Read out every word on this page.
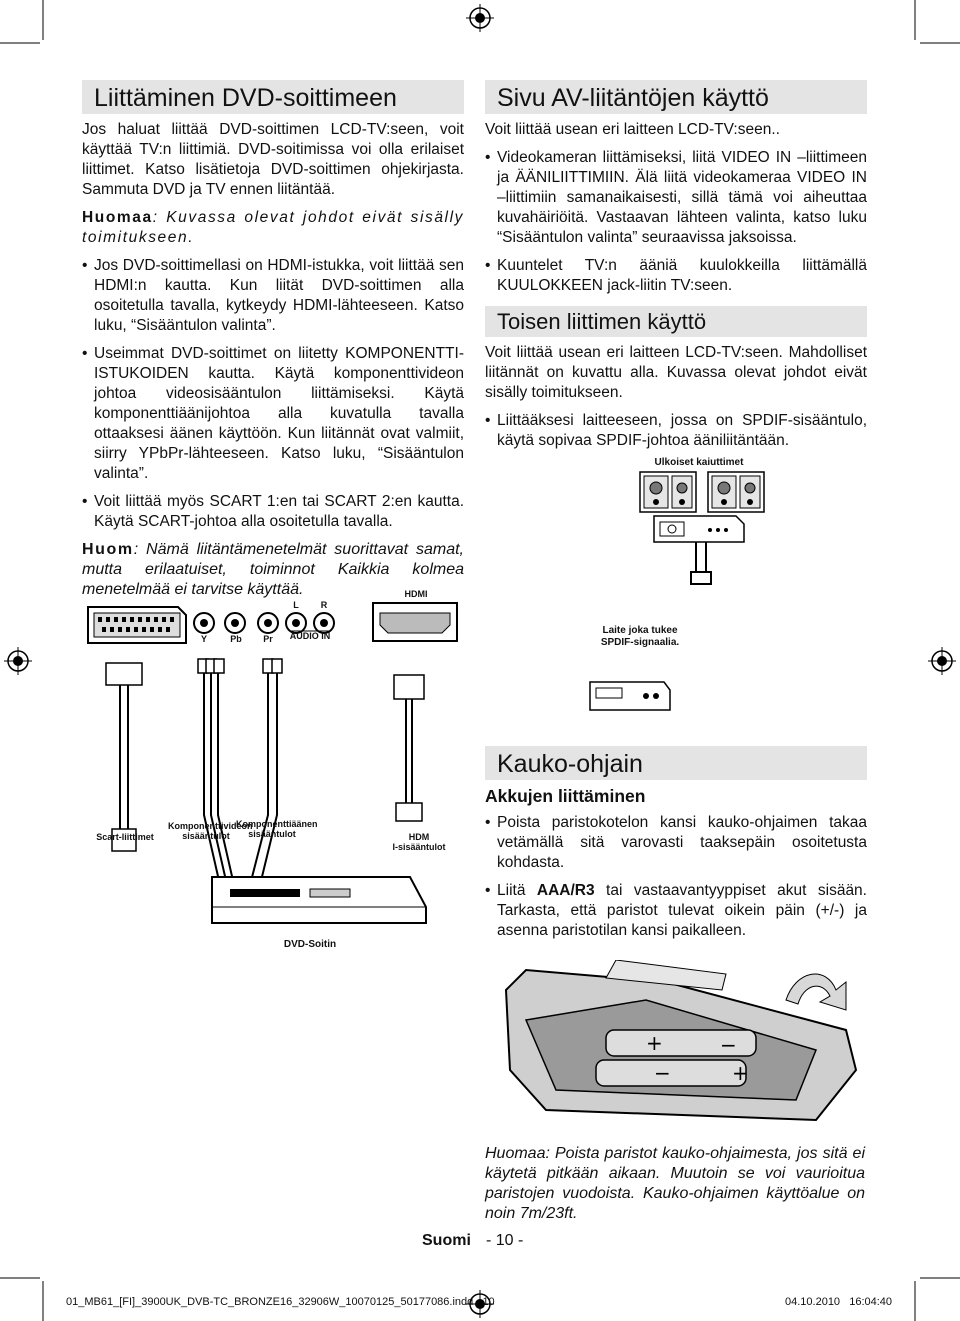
Liittäminen DVD-soittimeen

Jos haluat liittää DVD-soittimen LCD-TV:seen, voit käyttää TV:n liittimiä. DVD-soitimissa voi olla erilaiset liittimet. Katso lisätietoja DVD-soittimen ohjekirjasta. Sammuta DVD ja TV ennen liitäntää.

Huomaa: Kuvassa olevat johdot eivät sisälly toimitukseen.

• Jos DVD-soittimellasi on HDMI-istukka, voit liittää sen HDMI:n kautta. Kun liität DVD-soittimen alla osoitetulla tavalla, kytkeydy HDMI-lähteeseen. Katso luku, “Sisääntulon valinta”.
• Useimmat DVD-soittimet on liitetty KOMPONENTTI-ISTUKOIDEN kautta. Käytä komponenttivideon johtoa videosisääntulon liittämiseksi. Käytä komponenttiäänijohtoa alla kuvatulla tavalla ottaaksesi äänen käyttöön. Kun liitännät ovat valmiit, siirry YPbPr-lähteeseen. Katso luku, “Sisääntulon valinta”.
• Voit liittää myös SCART 1:en tai SCART 2:en kautta. Käytä SCART-johtoa alla osoitetulla tavalla.

Huom: Nämä liitäntämenetelmät suorittavat samat, mutta erilaatuiset, toiminnot Kaikkia kolmea menetelmää ei tarvitse käyttää.

Sivu AV-liitäntöjen käyttö

Voit liittää usean eri laitteen LCD-TV:seen..

• Videokameran liittämiseksi, liitä VIDEO IN –liittimeen ja ÄÄNILIITTIMIIN. Älä liitä videokameraa VIDEO IN –liittimiin samanaikaisesti, sillä tämä voi aiheuttaa kuvahäiriöitä. Vastaavan lähteen valinta, katso luku “Sisääntulon valinta” seuraavissa jaksoissa.
• Kuuntelet TV:n ääniä kuulokkeilla liittämällä KUULOKKEEN jack-liitin TV:seen.
Toisen liittimen käyttö

Voit liittää usean eri laitteen LCD-TV:seen. Mahdolliset liitännät on kuvattu alla. Kuvassa olevat johdot eivät sisälly toimitukseen.

• Liittääksesi laitteeseen, jossa on SPDIF-sisääntulo, käytä sopivaa SPDIF-johtoa ääniliitäntään.
Y	Pb	Pr
L	R
AUDIO IN
HDMI
Scart-liittimet
Komponenttivideon sisääntulot
Komponenttiäänen sisääntulot	HDM
I-sisääntulot
DVD-Soitin
Ulkoiset kaiuttimet
Laite joka tukee
SPDIF-signaalia.
Kauko-ohjain
Akkujen liittäminen
• Poista paristokotelon kansi kauko-ohjaimen takaa vetämällä sitä varovasti taaksepäin osoitetusta kohdasta.
• Liitä AAA/R3 tai vastaavantyyppiset akut sisään. Tarkasta, että paristot tulevat oikein päin (+/-) ja asenna paristotilan kansi paikalleen.
+	−
−	+

Huomaa: Poista paristot kauko-ohjaimesta, jos sitä ei käytetä pitkään aikaan. Muutoin se voi vaurioitua paristojen vuodoista. Kauko-ohjaimen käyttöalue on noin 7m/23ft.

Suomi - 10 -
01_MB61_[FI]_3900UK_DVB-TC_BRONZE16_32906W_10070125_50177086.indd   10	04.10.2010   16:04:40
